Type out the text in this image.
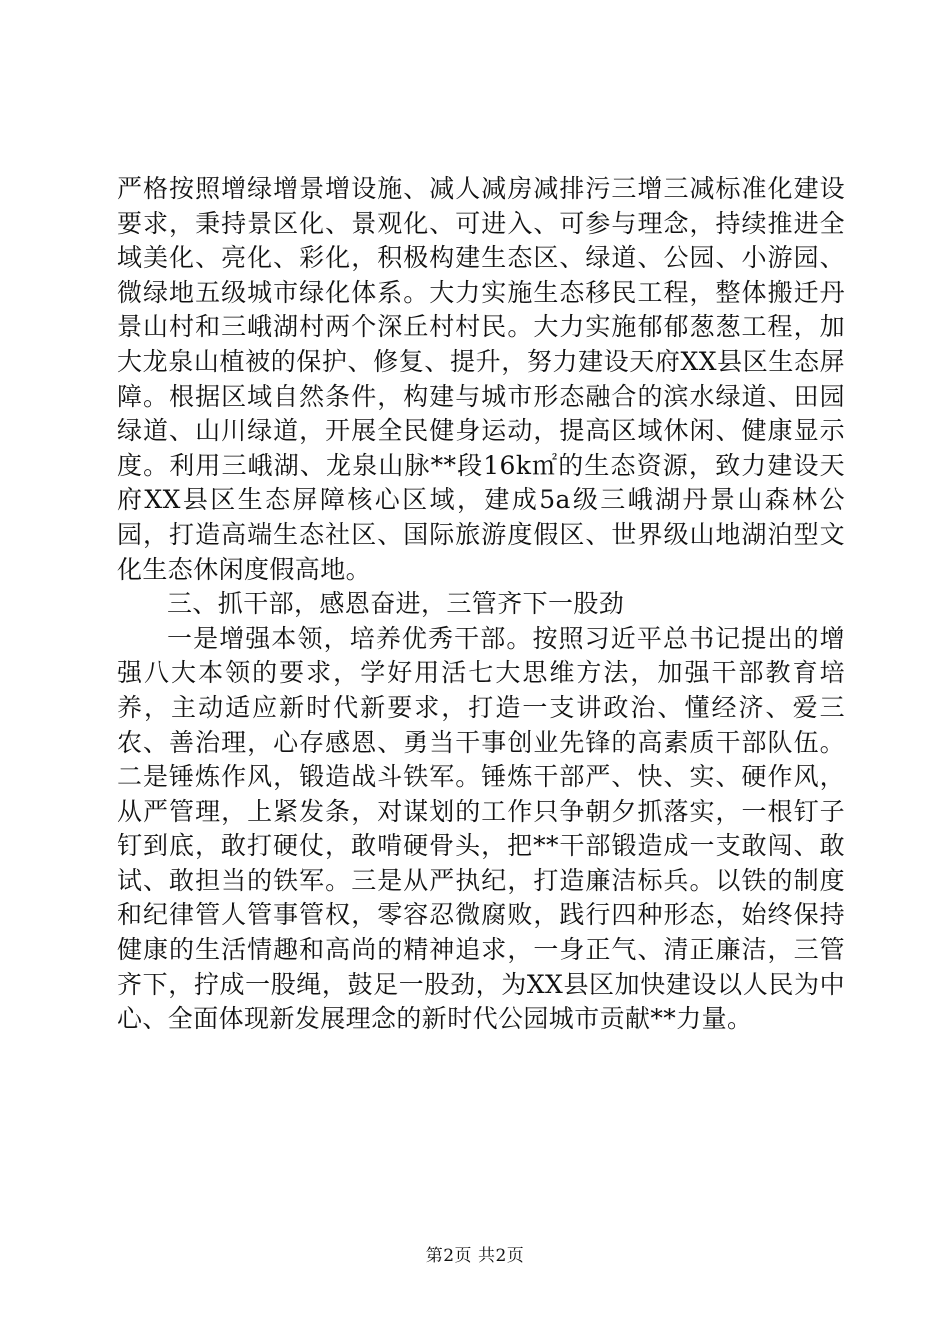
严格按照增绿增景增设施、减人减房减排污三增三减标准化建设要求，秉持景区化、景观化、可进入、可参与理念，持续推进全域美化、亮化、彩化，积极构建生态区、绿道、公园、小游园、微绿地五级城市绿化体系。大力实施生态移民工程，整体搬迁丹景山村和三峨湖村两个深丘村村民。大力实施郁郁葱葱工程，加大龙泉山植被的保护、修复、提升，努力建设天府XX县区生态屏障。根据区域自然条件，构建与城市形态融合的滨水绿道、田园绿道、山川绿道，开展全民健身运动，提高区域休闲、健康显示度。利用三峨湖、龙泉山脉**段16k㎡的生态资源，致力建设天府XX县区生态屏障核心区域，建成5a级三峨湖丹景山森林公园，打造高端生态社区、国际旅游度假区、世界级山地湖泊型文化生态休闲度假高地。

三、抓干部，感恩奋进，三管齐下一股劲

一是增强本领，培养优秀干部。按照习近平总书记提出的增强八大本领的要求，学好用活七大思维方法，加强干部教育培养，主动适应新时代新要求，打造一支讲政治、懂经济、爱三农、善治理，心存感恩、勇当干事创业先锋的高素质干部队伍。二是锤炼作风，锻造战斗铁军。锤炼干部严、快、实、硬作风，从严管理，上紧发条，对谋划的工作只争朝夕抓落实，一根钉子钉到底，敢打硬仗，敢啃硬骨头，把**干部锻造成一支敢闯、敢试、敢担当的铁军。三是从严执纪，打造廉洁标兵。以铁的制度和纪律管人管事管权，零容忍微腐败，践行四种形态，始终保持健康的生活情趣和高尚的精神追求，一身正气、清正廉洁，三管齐下，拧成一股绳，鼓足一股劲，为XX县区加快建设以人民为中心、全面体现新发展理念的新时代公园城市贡献**力量。

第2页 共2页
